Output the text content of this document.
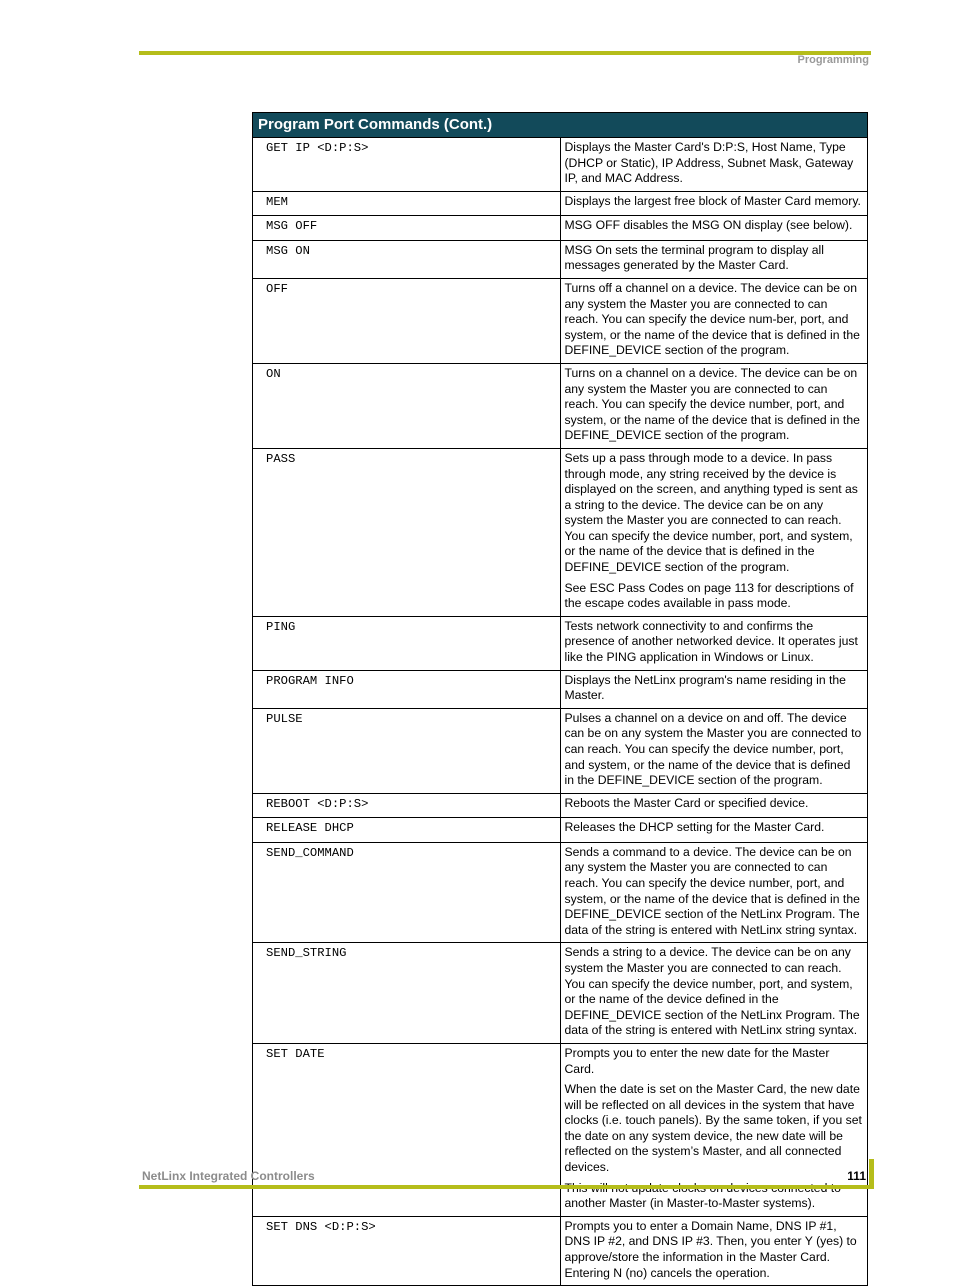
Programming
Program Port Commands (Cont.)	
GET IP <D:P:S>	Displays the Master Card's D:P:S, Host Name, Type (DHCP or Static), IP Address, Subnet Mask, Gateway IP, and MAC Address.

MEM	Displays the largest free block of Master Card memory.

MSG OFF	MSG OFF disables the MSG ON display (see below).

MSG ON	MSG On sets the terminal program to display all messages generated by the Master Card.

OFF	Turns off a channel on a device. The device can be on any system the Master you are connected to can reach. You can specify the device num-ber, port, and system, or the name of the device that is defined in the DEFINE_DEVICE section of the program.

ON	Turns on a channel on a device. The device can be on any system the Master you are connected to can reach. You can specify the device number, port, and system, or the name of the device that is defined in the DEFINE_DEVICE section of the program.

PASS	Sets up a pass through mode to a device. In pass through mode, any string received by the device is displayed on the screen, and anything typed is sent as a string to the device. The device can be on any system the Master you are connected to can reach. You can specify the device number, port, and system, or the name of the device that is defined in the DEFINE_DEVICE section of the program.

See ESC Pass Codes on page 113 for descriptions of the escape codes available in pass mode.

PING	Tests network connectivity to and confirms the presence of another networked device. It operates just like the PING application in Windows or Linux.

PROGRAM INFO	Displays the NetLinx program's name residing in the Master.

PULSE	Pulses a channel on a device on and off. The device can be on any system the Master you are connected to can reach. You can specify the device number, port, and system, or the name of the device that is defined in the DEFINE_DEVICE section of the program.

REBOOT <D:P:S>	Reboots the Master Card or specified device.

RELEASE DHCP	Releases the DHCP setting for the Master Card.

SEND_COMMAND	Sends a command to a device. The device can be on any system the Master you are connected to can reach. You can specify the device number, port, and system, or the name of the device that is defined in the DEFINE_DEVICE section of the NetLinx Program. The data of the string is entered with NetLinx string syntax.

SEND_STRING	Sends a string to a device. The device can be on any system the Master you are connected to can reach. You can specify the device number, port, and system, or the name of the device defined in the DEFINE_DEVICE section of the NetLinx Program. The data of the string is entered with NetLinx string syntax.

SET DATE	Prompts you to enter the new date for the Master Card.

When the date is set on the Master Card, the new date will be reflected on all devices in the system that have clocks (i.e. touch panels). By the same token, if you set the date on any system device, the new date will be reflected on the system’s Master, and all connected devices.

another Master (in Master-to-Master systems).

SET DNS <D:P:S>	Prompts you to enter a Domain Name, DNS IP #1, DNS IP #2, and DNS IP #3. Then, you enter Y (yes) to approve/store the information in the Master Card. Entering N (no) cancels the operation.

NetLinx Integrated Controllers	111
